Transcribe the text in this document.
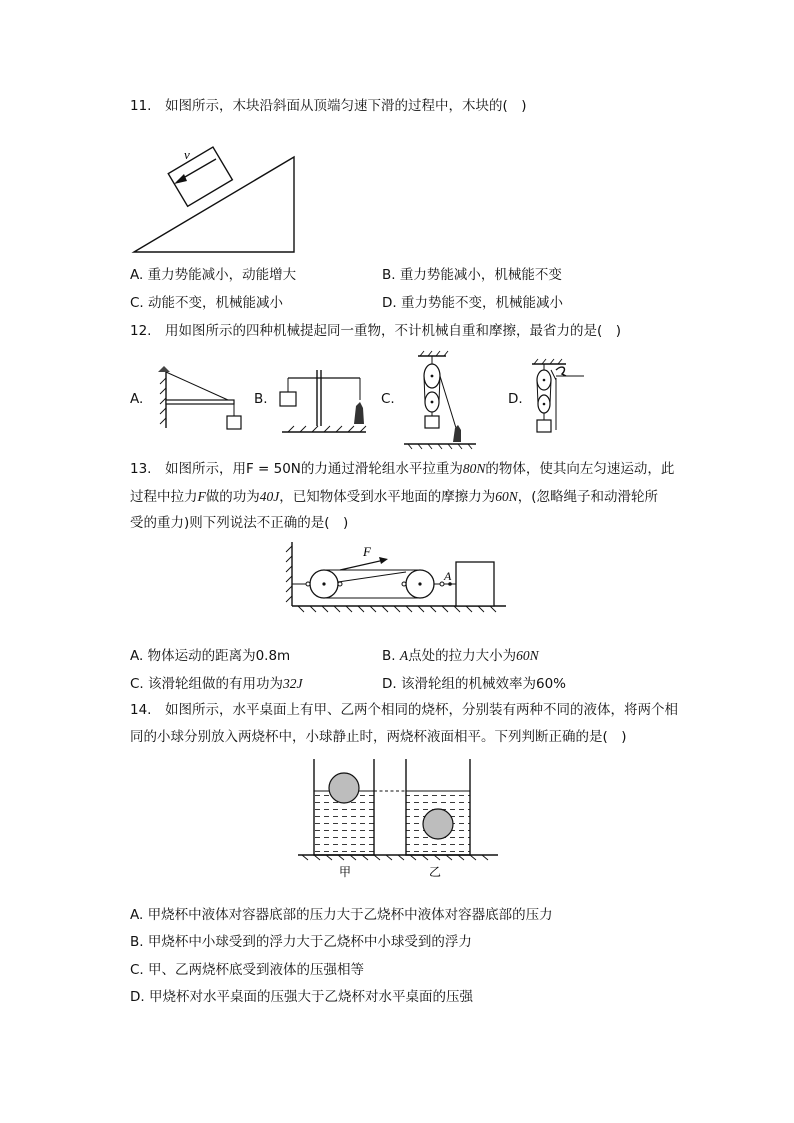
11.　如图所示，木块沿斜面从顶端匀速下滑的过程中，木块的(　)
v
A. 重力势能减小，动能增大	B. 重力势能减小，机械能不变
C. 动能不变，机械能减小	D. 重力势能不变，机械能减小
12.　用如图所示的四种机械提起同一重物，不计机械自重和摩擦，最省力的是(　)
A.	B.	C.	D.
13.　如图所示，用F = 50N的力通过滑轮组水平拉重为80N的物体，使其向左匀速运动，此
过程中拉力F做的功为40J，已知物体受到水平地面的摩擦力为60N，(忽略绳子和动滑轮所
受的重力)则下列说法不正确的是(　)
F
A
A. 物体运动的距离为0.8m	B. A点处的拉力大小为60N
C. 该滑轮组做的有用功为32J	D. 该滑轮组的机械效率为60%
14.　如图所示，水平桌面上有甲、乙两个相同的烧杯，分别装有两种不同的液体，将两个相
同的小球分别放入两烧杯中，小球静止时，两烧杯液面相平。下列判断正确的是(　)
甲	乙
A. 甲烧杯中液体对容器底部的压力大于乙烧杯中液体对容器底部的压力
B. 甲烧杯中小球受到的浮力大于乙烧杯中小球受到的浮力
C. 甲、乙两烧杯底受到液体的压强相等
D. 甲烧杯对水平桌面的压强大于乙烧杯对水平桌面的压强
